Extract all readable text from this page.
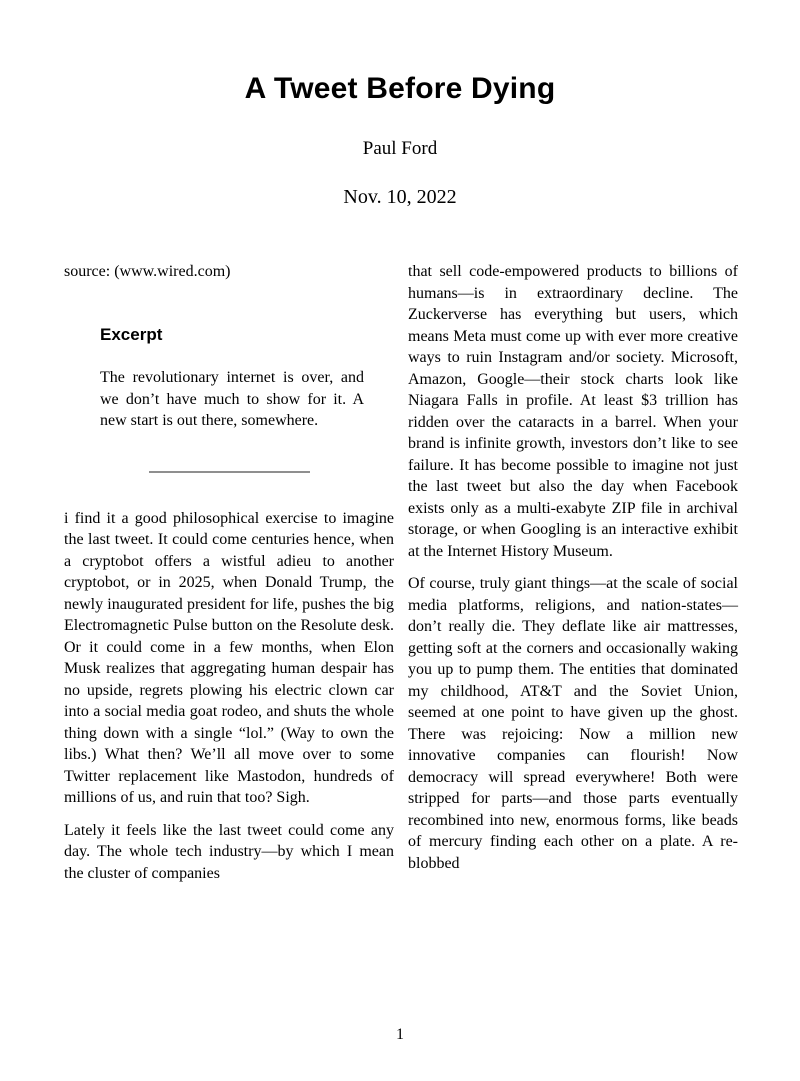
A Tweet Before Dying
Paul Ford
Nov. 10, 2022
source: (www.wired.com)
Excerpt

The revolutionary internet is over, and we don’t have much to show for it. A new start is out there, somewhere.

i find it a good philosophical exercise to imagine the last tweet. It could come centuries hence, when a cryptobot offers a wistful adieu to another cryptobot, or in 2025, when Donald Trump, the newly inaugurated president for life, pushes the big Electromagnetic Pulse button on the Resolute desk. Or it could come in a few months, when Elon Musk realizes that aggregating human despair has no upside, regrets plowing his electric clown car into a social media goat rodeo, and shuts the whole thing down with a single “lol.” (Way to own the libs.) What then? We’ll all move over to some Twitter replacement like Mastodon, hundreds of millions of us, and ruin that too? Sigh.

Lately it feels like the last tweet could come any day. The whole tech industry—by which I mean the cluster of companies

that sell code-empowered products to billions of humans—is in extraordinary decline. The Zuckerverse has everything but users, which means Meta must come up with ever more creative ways to ruin Instagram and/or society. Microsoft, Amazon, Google—their stock charts look like Niagara Falls in profile. At least $3 trillion has ridden over the cataracts in a barrel. When your brand is infinite growth, investors don’t like to see failure. It has become possible to imagine not just the last tweet but also the day when Facebook exists only as a multi-exabyte ZIP file in archival storage, or when Googling is an interactive exhibit at the Internet History Museum.

Of course, truly giant things—at the scale of social media platforms, religions, and nation-states—don’t really die. They deflate like air mattresses, getting soft at the corners and occasionally waking you up to pump them. The entities that dominated my childhood, AT&T and the Soviet Union, seemed at one point to have given up the ghost. There was rejoicing: Now a million new innovative companies can flourish! Now democracy will spread everywhere! Both were stripped for parts—and those parts eventually recombined into new, enormous forms, like beads of mercury finding each other on a plate. A re-blobbed

1
